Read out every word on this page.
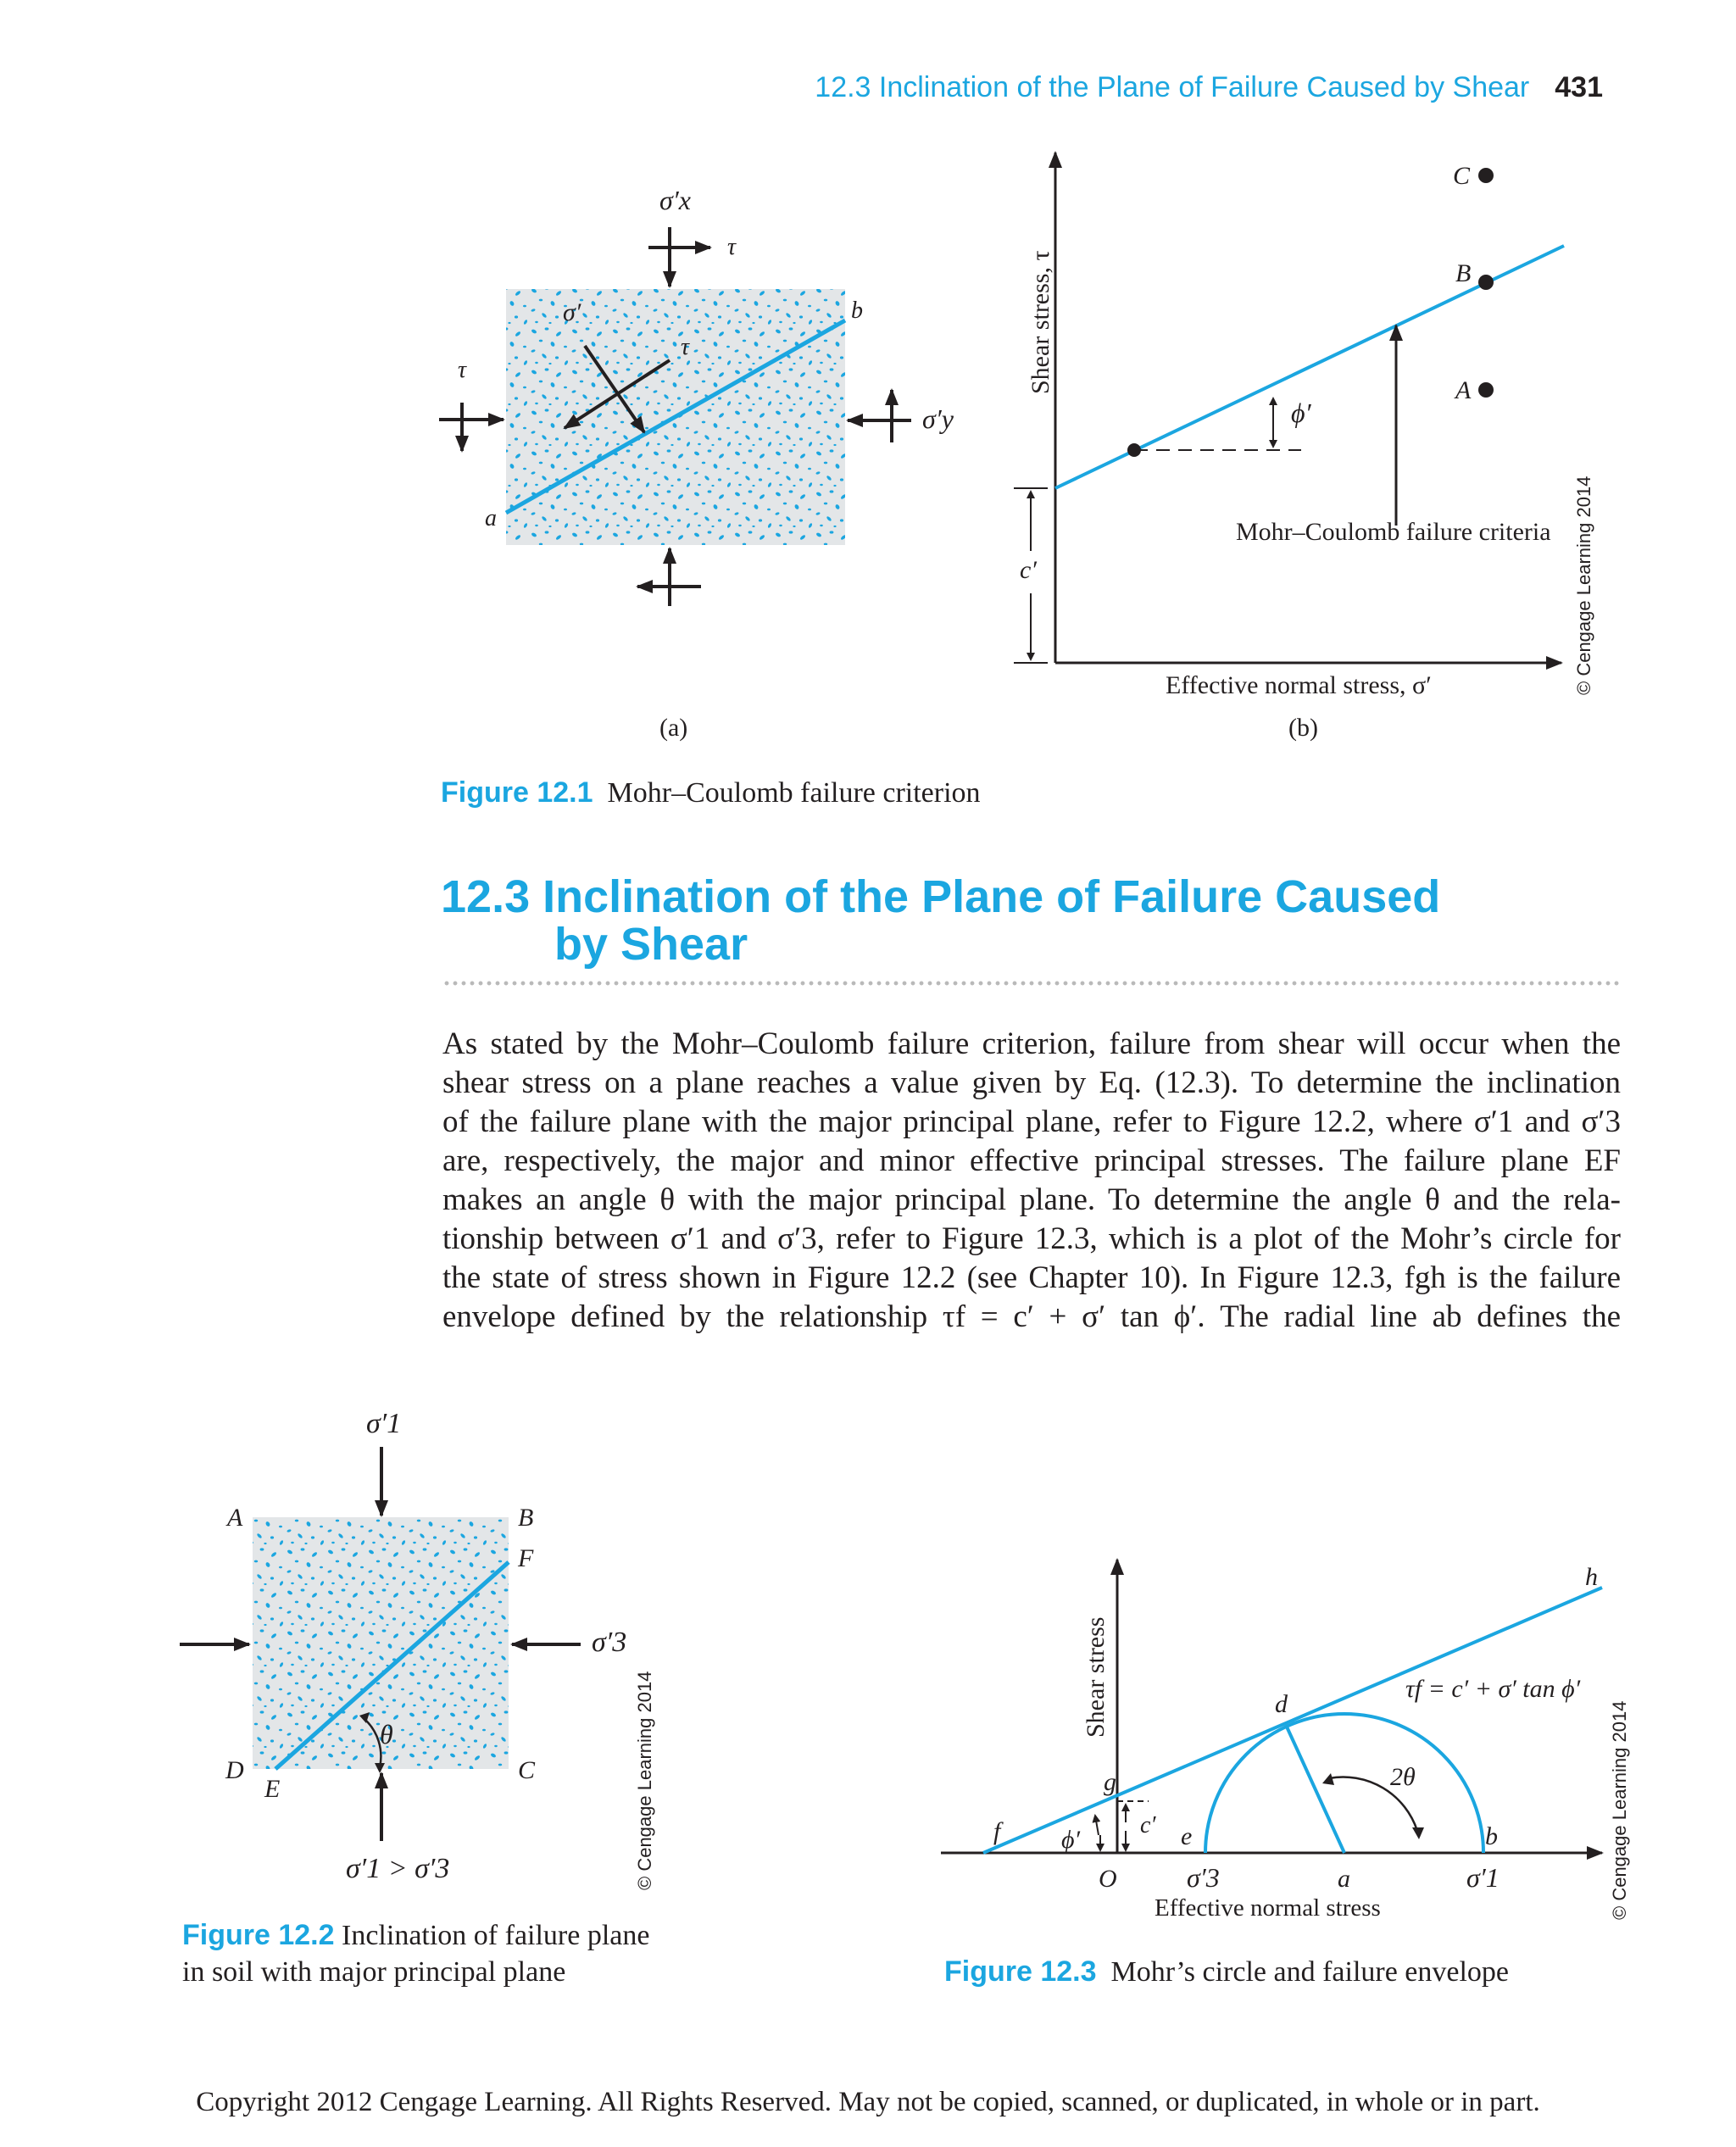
12.3 Inclination of the Plane of Failure Caused by Shear 431
a
b
σ′
τ
σ′x
τ
τ
σ′y
(a)
Shear stress, τ
Effective normal stress, σ′
c′
ϕ′
Mohr–Coulomb failure criteria
C
B
A
© Cengage Learning 2014
(b)
Figure 12.1 Mohr–Coulomb failure criterion
12.3 Inclination of the Plane of Failure Caused
by Shear

As stated by the Mohr–Coulomb failure criterion, failure from shear will occur when the

shear stress on a plane reaches a value given by Eq. (12.3). To determine the inclination

of the failure plane with the major principal plane, refer to Figure 12.2, where σ′1 and σ′3

are, respectively, the major and minor effective principal stresses. The failure plane EF

makes an angle θ with the major principal plane. To determine the angle θ and the rela-

tionship between σ′1 and σ′3, refer to Figure 12.3, which is a plot of the Mohr’s circle for

the state of stress shown in Figure 12.2 (see Chapter 10). In Figure 12.3, fgh is the failure

envelope defined by the relationship τf = c′ + σ′ tan ϕ′. The radial line ab defines the

σ′1
A	B
F
D
E
C
σ′3
θ
σ′1 > σ′3	© Cengage Learning 2014	Shear stress
Effective normal stress
2θ
c′
ϕ′
f
g
h
d
e	b
O	σ′3	a	σ′1
τf = c′ + σ′ tan ϕ′
© Cengage Learning 2014
Figure 12.2 Inclination of failure plane
in soil with major principal plane	Figure 12.3 Mohr’s circle and failure envelope
Copyright 2012 Cengage Learning. All Rights Reserved. May not be copied, scanned, or duplicated, in whole or in part.
